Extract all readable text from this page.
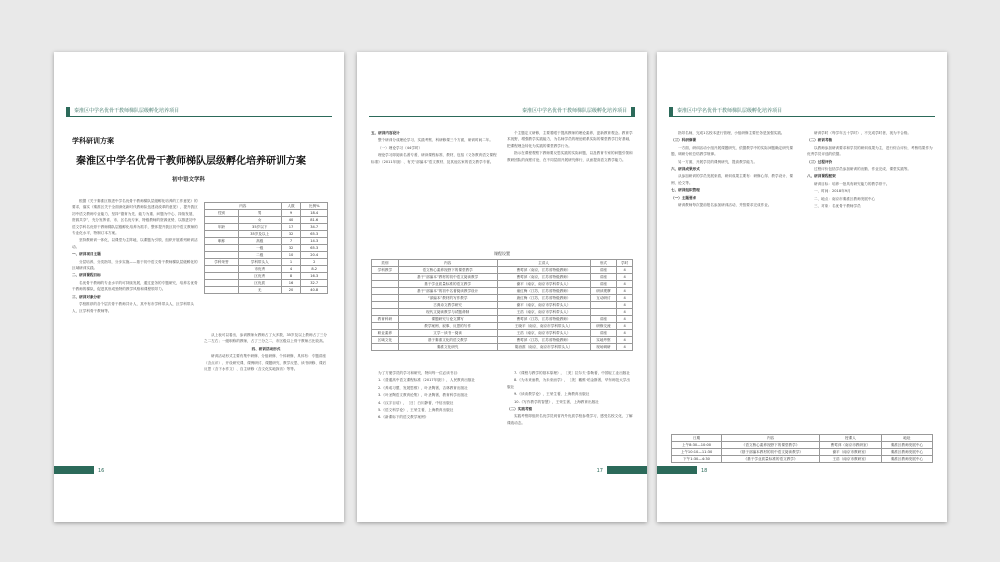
秦淮区中学名优骨干教师梯队层级孵化培养项目
学科研训方案
秦淮区中学名优骨干教师梯队层级孵化培养研训方案
初中语文学科

根据《关于秦淮区推进中学名优骨干教师梯队层级孵化培养的工作意见》的要求，落实《秦淮区关于全面深化新时代教师队伍建设改革的意见》，提升我区初中语文教师专业能力，坚持“德育为先、能力为重、问题为中心、持续发展、资源共享”，充分发挥省、市、区名优专家、特级教师的资源优势，以推进初中语文学科名优骨干教师梯队层级孵化培养为抓手，整体提升我区初中语文教师的专业化水平，特制订本方案。

坚持教研训一体化，以课堂为主阵地，以课题为引领，组织开展系列研训活动。

一、研训项目主题

分层培养，分类指导，分步实施——基于初中语文骨干教师梯队层级孵化的区域研训实践。

二、研训课程目标

名优骨干教师的专业水平的可持续发展，通过更务的专题研究，培养名优骨干教师的梯队，促进其形成独特的教学风格和课程领导力。

三、研训对象分析

学校推荐的各个层次骨干教师共计人，其中有市学科带头人，区学科带头人，区学科骨干教师等。

内容		人数	比例%
性别	男	9	18.4
	女	40	81.6
年龄	35岁以下	17	34.7
	35岁及以上	32	65.3
职称	高级	7	14.3
	一级	32	65.3
	二级	10	20.4
学科荣誉	学科带头人	1	2
	市优秀	4	8.2
	区优秀	8	16.3
	区优质	16	32.7
	无	20	40.8

从上表可以看出，参训教师女教师占了大多数，35岁及以上教师占了三分之二左右；一级职称的教师，占了三分之二，市区级以上骨干教师占比较高。

四、研训活动形式

研训活动形式主要有集中研修、分组研修、个体研修，具体有：专题讲座（含点评）、开设研究课、课例研讨、课题研究、教学反思、读书研修、课后反思（含下水作文）、自主研修（含文化实地探访）等等。

16
秦淮区中学名优骨干教师梯队层级孵化培养项目

五、研训内容设计

整个研训分成理论学习、实践考察、科研修课三个方面，研训时间二年。

（一）理论学习（44学时）

理论学习即阅读名著专著，研读课程标准、教材，包括《义务教育语文课程标准》（2011年版）、有关“部编本”语文教材、及其他名家的语文教学专著。

个主题定义研修，主要着眼于提高教师的理论素养，更新教育观念。教育学术视野，增强教学实践能力，为名师学员的理论联系实际的课堂教学打好基础，把课程理念转化为实践的课堂教学行为。

指示在课程观察下教师要反思实践的实际问题，以及教育专家的问题引领和教研团队的深度讨论，在不同层面开展研究修行，从而提高语文教学能力。

课程设置
类别	内容	主讲人	形式	学时
学科教学	语文核心素养视野下的课堂教学	曹莺萍（南京，江苏省特级教师）	讲座	4
	基于“部编本”教材的初中语文阅读教学	曹莺萍（南京，江苏省特级教师）	讲座	4
	基于学业质量标准的语文教学	谢平（南京，南京市学科带头人）	讲座	4
	基于“部编本”的初中名著阅读教学设计	童红梅（江苏，江苏省特级教师）	研读观摩	4
	“部编本”教材的写作教学	唐红梅（江苏，江苏省特级教师）	互动研讨	4
	古典诗文教学研究	谢平（南京，南京市学科带头人）		4
	现代文阅读教学与试题命制	王浩（南京，南京市学科带头人）		4
教育科研	课题研究与论文撰写	曹莺萍（江苏，江苏省特级教师）	讲座	4
	教学案例、叙事、反思的写作	王晓平（南京，南京市学科带头人）	研修交流	4
职业素养	文学－读书－阅读	王浩（南京，南京市学科带头人）	讲座	4
区域文化	基于秦淮文化的语文教学	曹莺萍（江苏，江苏省特级教师）	实地考察	4
	秦淮文化研究	胡治淮（南京，南京市学科带头人）	现场调研	4

为了方便学员的学习和研究，特向每一位必读书目：

1.《普通高中语文课程标准（2017年版）》，人民教育出版社

2.《养成习惯，发展思维》，叶圣陶著，吉林教育出版社

3.《叶圣陶语文教育论集》，叶圣陶著，教育科学出版社

4.《汉字百话》，［日］白川静著，中信出版社

5.《语文科学论》，王荣生著，上海教育出版社

6.《新课标下的语文教学案例》

7.《课程与教学的基本原理》，［美］拉尔夫·泰勒著，中国轻工业出版社

8.《为未来而教，为未来而学》，［美］戴维·珀金斯著，华东师范大学出版社

9.《读谈教学论》，王荣生著，上海教育出版社

10.《写作教学的智慧》，王荣生著，上海教育出版社

（二）实践考察

实践考察即组织名优学员到省内外优质学校参观学习，感受名校文化，了解课改动态。

17
秦淮区中学名优骨干教师梯队层级孵化培养项目

指导名师，完成1名校本进行管理，小组研修主要任务是加强实践。

（三）科研修课

一方面，研训活动小组开展课题研究，依据教学中的实际问题确定研究课题，调研分析总结教学规律。

另一方面，开展学员的课例研究，提高教学能力。

六、研训成果形式

从参加研训的学员发展来看，研训成果主要有：研修心得、教学设计、课例、论文等。

七、研训组织管理

（一）主题要求

研训教师每次提前报名参加研训活动，并按要求完成作业。

研训学时（每学年五十学时），不完成学时者，视为不合格。

（二）研训考核

以教师参加研训要求和学员的研训成果为主，进行综合评价，考核结果作为优秀学员评选的依据。

（三）过程评价

过程评价包括学员参加研训的出勤、作业完成、课堂实践等。

八、研训课程框架

研训目标：培养一批具有研究能力的教学骨干。

一、时间：2018年9月

二、地点：南京市秦淮区教师发展中心

三、对象：名优骨干教师学员

日期	内容	授课人	地址
上午8:30—10:00	《语文核心素养视野下的课堂教学》	曹莺萍（南京市教研室）	秦淮区教师发展中心
上午10:10—11:30	《基于部编本教材的初中语文阅读教学》	谢平（南京市教研室）	秦淮区教师发展中心
下午1:30—4:30	《基于学业质量标准的语文教学》	王浩（南京市教研室）	秦淮区教师发展中心
18
